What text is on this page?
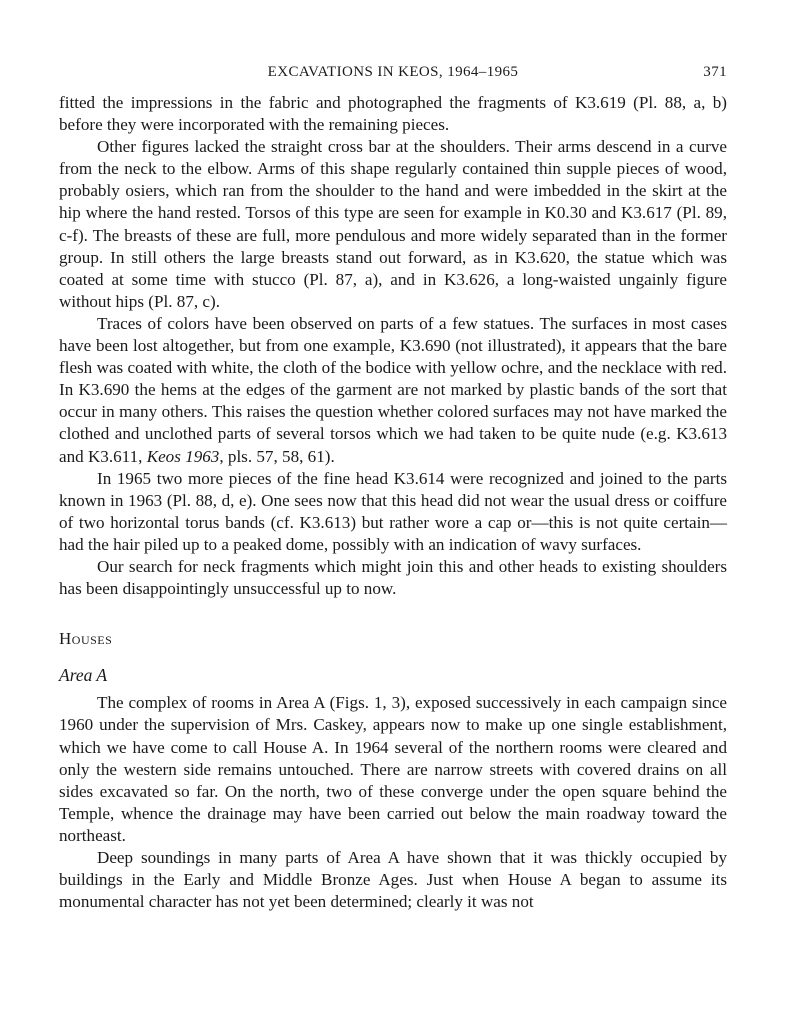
EXCAVATIONS IN KEOS, 1964–1965	371

fitted the impressions in the fabric and photographed the fragments of K3.619 (Pl. 88, a, b) before they were incorporated with the remaining pieces.

Other figures lacked the straight cross bar at the shoulders. Their arms descend in a curve from the neck to the elbow. Arms of this shape regularly contained thin supple pieces of wood, probably osiers, which ran from the shoulder to the hand and were imbedded in the skirt at the hip where the hand rested. Torsos of this type are seen for example in K0.30 and K3.617 (Pl. 89, c-f). The breasts of these are full, more pendulous and more widely separated than in the former group. In still others the large breasts stand out forward, as in K3.620, the statue which was coated at some time with stucco (Pl. 87, a), and in K3.626, a long-waisted ungainly figure without hips (Pl. 87, c).

Traces of colors have been observed on parts of a few statues. The surfaces in most cases have been lost altogether, but from one example, K3.690 (not illustrated), it appears that the bare flesh was coated with white, the cloth of the bodice with yellow ochre, and the necklace with red. In K3.690 the hems at the edges of the garment are not marked by plastic bands of the sort that occur in many others. This raises the question whether colored surfaces may not have marked the clothed and unclothed parts of several torsos which we had taken to be quite nude (e.g. K3.613 and K3.611, Keos 1963, pls. 57, 58, 61).

In 1965 two more pieces of the fine head K3.614 were recognized and joined to the parts known in 1963 (Pl. 88, d, e). One sees now that this head did not wear the usual dress or coiffure of two horizontal torus bands (cf. K3.613) but rather wore a cap or—this is not quite certain—had the hair piled up to a peaked dome, possibly with an indication of wavy surfaces.

Our search for neck fragments which might join this and other heads to existing shoulders has been disappointingly unsuccessful up to now.

Houses
Area A

The complex of rooms in Area A (Figs. 1, 3), exposed successively in each campaign since 1960 under the supervision of Mrs. Caskey, appears now to make up one single establishment, which we have come to call House A. In 1964 several of the northern rooms were cleared and only the western side remains untouched. There are narrow streets with covered drains on all sides excavated so far. On the north, two of these converge under the open square behind the Temple, whence the drainage may have been carried out below the main roadway toward the northeast.

Deep soundings in many parts of Area A have shown that it was thickly occupied by buildings in the Early and Middle Bronze Ages. Just when House A began to assume its monumental character has not yet been determined; clearly it was not
